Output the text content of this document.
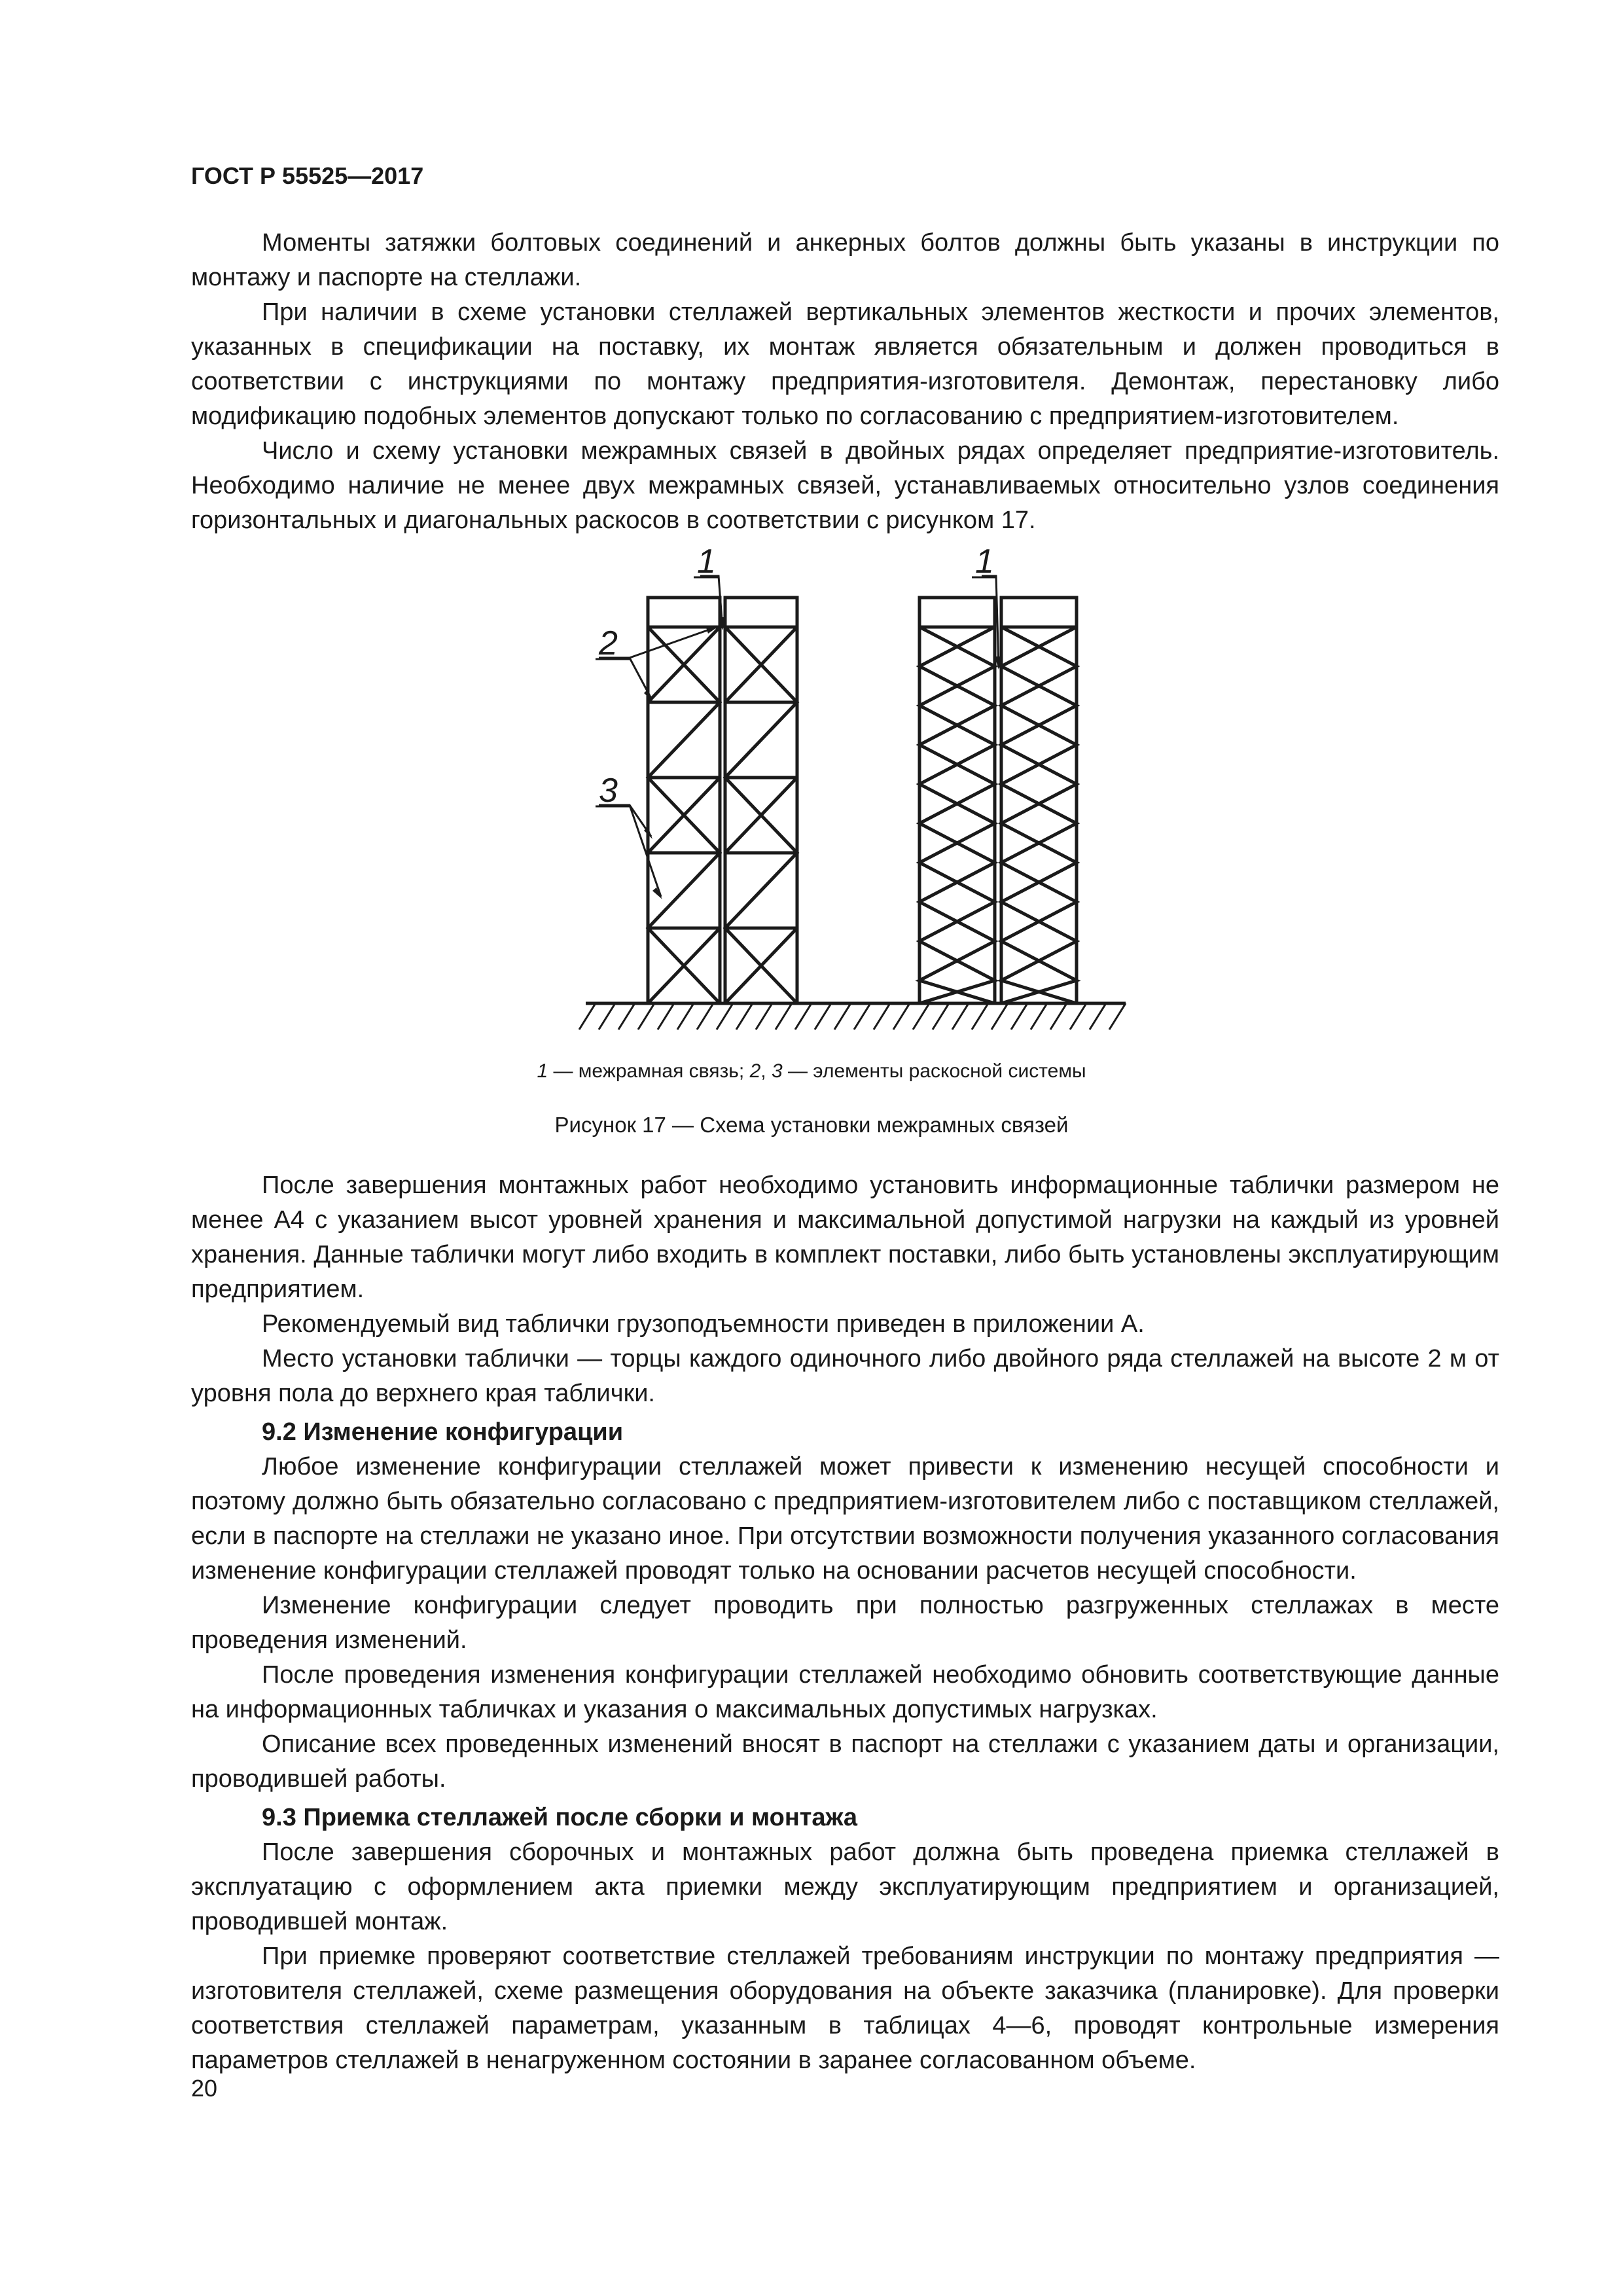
ГОСТ Р 55525—2017

Моменты затяжки болтовых соединений и анкерных болтов должны быть указаны в инструкции по монтажу и паспорте на стеллажи.

При наличии в схеме установки стеллажей вертикальных элементов жесткости и прочих элементов, указанных в спецификации на поставку, их монтаж является обязательным и должен проводиться в соответствии с инструкциями по монтажу предприятия-изготовителя. Демонтаж, перестановку либо модификацию подобных элементов допускают только по согласованию с предприятием-изготовителем.

Число и схему установки межрамных связей в двойных рядах определяет предприятие-изготовитель. Необходимо наличие не менее двух межрамных связей, устанавливаемых относительно узлов соединения горизонтальных и диагональных раскосов в соответствии с рисунком 17.

1	1
2
3
1 — межрамная связь; 2, 3 — элементы раскосной системы
Рисунок 17 — Схема установки межрамных связей

После завершения монтажных работ необходимо установить информационные таблички размером не менее А4 с указанием высот уровней хранения и максимальной допустимой нагрузки на каждый из уровней хранения. Данные таблички могут либо входить в комплект поставки, либо быть установлены эксплуатирующим предприятием.

Рекомендуемый вид таблички грузоподъемности приведен в приложении А.

Место установки таблички — торцы каждого одиночного либо двойного ряда стеллажей на высоте 2 м от уровня пола до верхнего края таблички.

9.2 Изменение конфигурации

Любое изменение конфигурации стеллажей может привести к изменению несущей способности и поэтому должно быть обязательно согласовано с предприятием-изготовителем либо с поставщиком стеллажей, если в паспорте на стеллажи не указано иное. При отсутствии возможности получения указанного согласования изменение конфигурации стеллажей проводят только на основании расчетов несущей способности.

Изменение конфигурации следует проводить при полностью разгруженных стеллажах в месте проведения изменений.

После проведения изменения конфигурации стеллажей необходимо обновить соответствующие данные на информационных табличках и указания о максимальных допустимых нагрузках.

Описание всех проведенных изменений вносят в паспорт на стеллажи с указанием даты и организации, проводившей работы.

9.3 Приемка стеллажей после сборки и монтажа

После завершения сборочных и монтажных работ должна быть проведена приемка стеллажей в эксплуатацию с оформлением акта приемки между эксплуатирующим предприятием и организацией, проводившей монтаж.

При приемке проверяют соответствие стеллажей требованиям инструкции по монтажу предприятия — изготовителя стеллажей, схеме размещения оборудования на объекте заказчика (планировке). Для проверки соответствия стеллажей параметрам, указанным в таблицах 4—6, проводят контрольные измерения параметров стеллажей в ненагруженном состоянии в заранее согласованном объеме.

20
